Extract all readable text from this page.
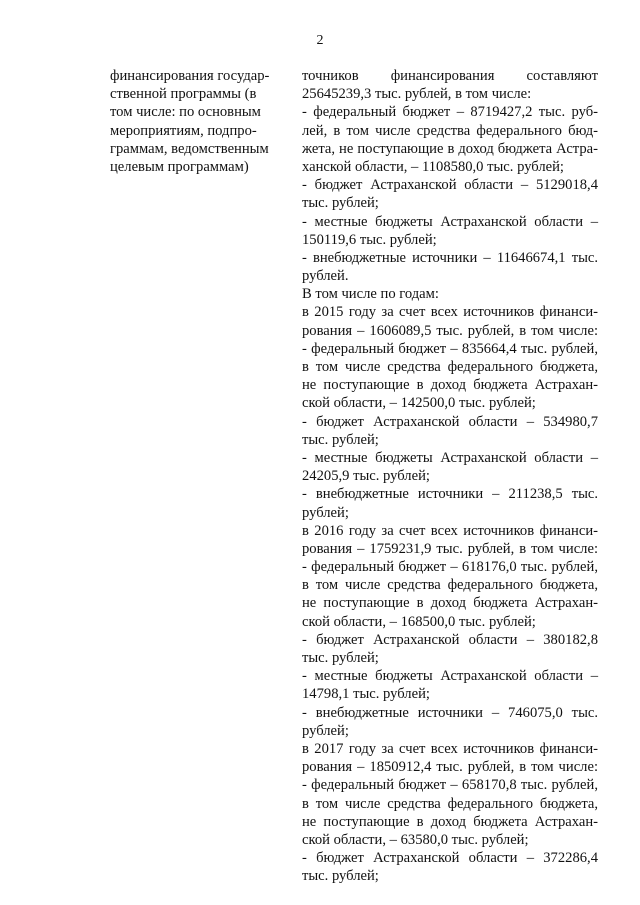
2
финансирования государ-
ственной программы (в
том числе: по основным
мероприятиям, подпро-
граммам, ведомственным
целевым программам)
точников финансирования составляют
25645239,3 тыс. рублей, в том числе:
- федеральный бюджет – 8719427,2 тыс. руб-
лей, в том числе средства федерального бюд-
жета, не поступающие в доход бюджета Астра-
ханской области, – 1108580,0 тыс. рублей;
- бюджет Астраханской области – 5129018,4
тыс. рублей;
- местные бюджеты Астраханской области –
150119,6 тыс. рублей;
- внебюджетные источники – 11646674,1 тыс.
рублей.
В том числе по годам:
в 2015 году за счет всех источников финанси-
рования – 1606089,5 тыс. рублей, в том числе:
- федеральный бюджет – 835664,4 тыс. рублей,
в том числе средства федерального бюджета,
не поступающие в доход бюджета Астрахан-
ской области, – 142500,0 тыс. рублей;
- бюджет Астраханской области – 534980,7
тыс. рублей;
- местные бюджеты Астраханской области –
24205,9 тыс. рублей;
- внебюджетные источники – 211238,5 тыс.
рублей;
в 2016 году за счет всех источников финанси-
рования – 1759231,9 тыс. рублей, в том числе:
- федеральный бюджет – 618176,0 тыс. рублей,
в том числе средства федерального бюджета,
не поступающие в доход бюджета Астрахан-
ской области, – 168500,0 тыс. рублей;
- бюджет Астраханской области – 380182,8
тыс. рублей;
- местные бюджеты Астраханской области –
14798,1 тыс. рублей;
- внебюджетные источники – 746075,0 тыс.
рублей;
в 2017 году за счет всех источников финанси-
рования – 1850912,4 тыс. рублей, в том числе:
- федеральный бюджет – 658170,8 тыс. рублей,
в том числе средства федерального бюджета,
не поступающие в доход бюджета Астрахан-
ской области, – 63580,0 тыс. рублей;
- бюджет Астраханской области – 372286,4
тыс. рублей;
